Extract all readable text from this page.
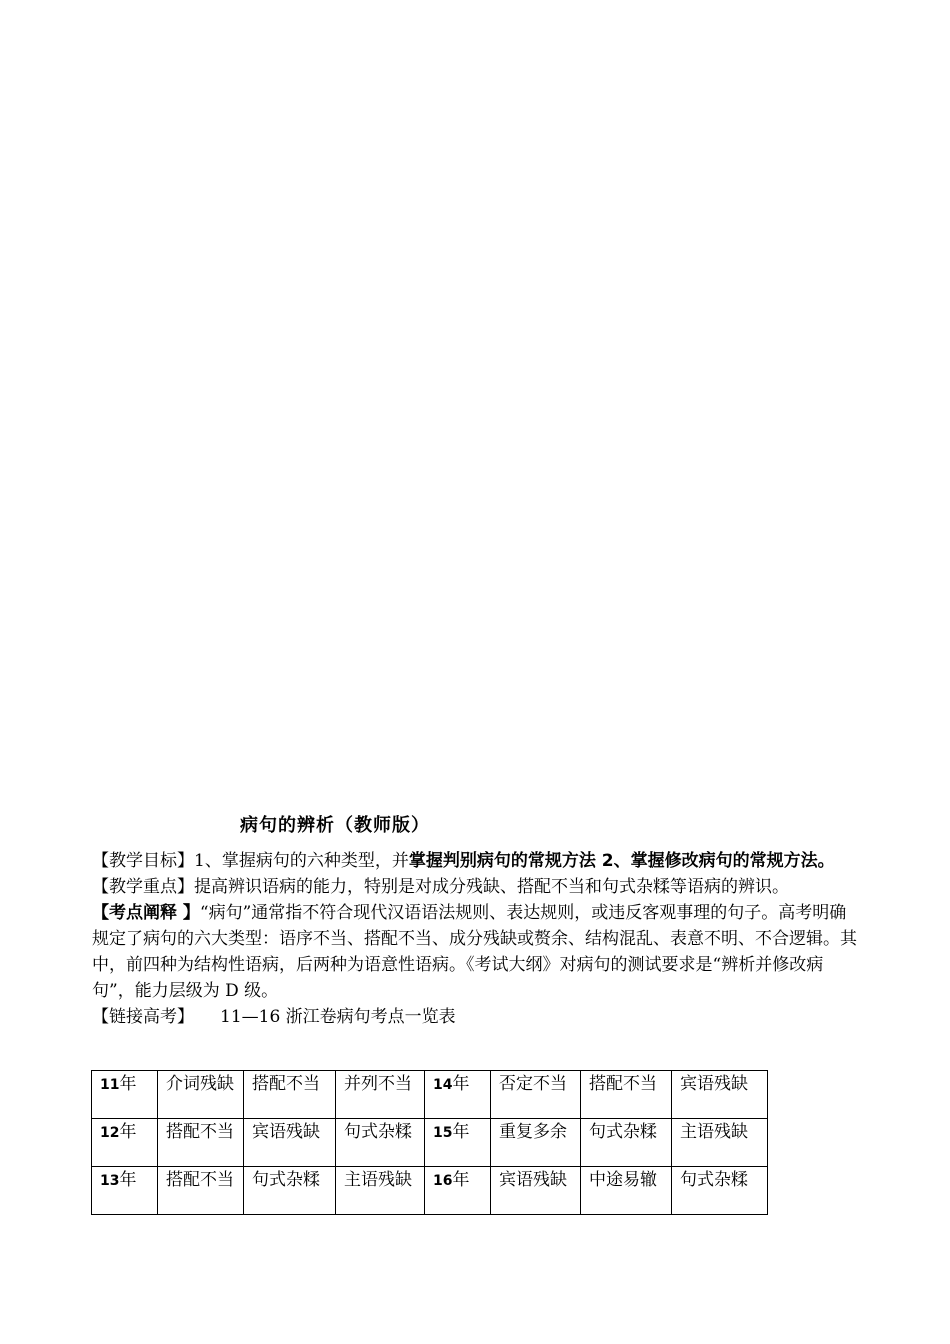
病句的辨析（教师版）

【教学目标】1、掌握病句的六种类型，并掌握判别病句的常规方法 2、掌握修改病句的常规方法。

【教学重点】提高辨识语病的能力，特别是对成分残缺、搭配不当和句式杂糅等语病的辨识。

【考点阐释 】“病句”通常指不符合现代汉语语法规则、表达规则，或违反客观事理的句子。高考明确规定了病句的六大类型：语序不当、搭配不当、成分残缺或赘余、结构混乱、表意不明、不合逻辑。其中，前四种为结构性语病，后两种为语意性语病。《考试大纲》对病句的测试要求是“辨析并修改病句”，能力层级为 D 级。

【链接高考】 11—16 浙江卷病句考点一览表

11年	介词残缺	搭配不当	并列不当	14年	否定不当	搭配不当	宾语残缺

12年	搭配不当	宾语残缺	句式杂糅	15年	重复多余	句式杂糅	主语残缺

13年	搭配不当	句式杂糅	主语残缺	16年	宾语残缺	中途易辙	句式杂糅
